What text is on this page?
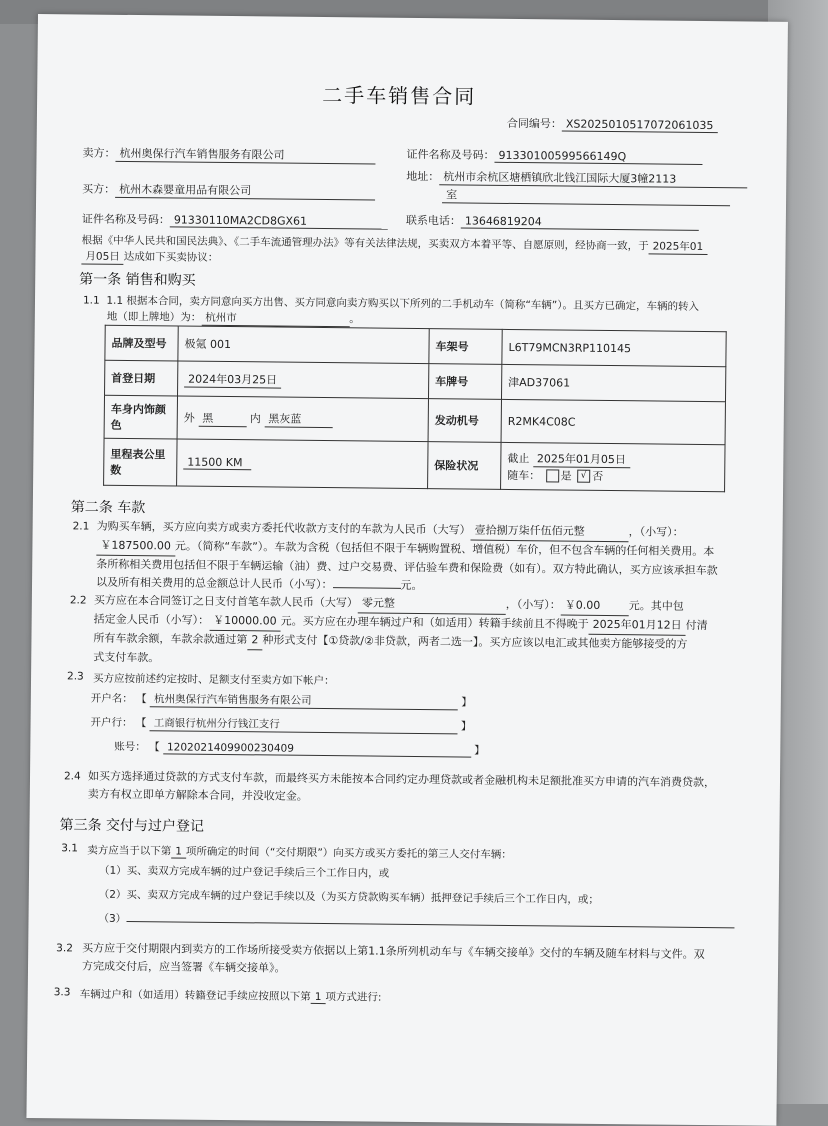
二手车销售合同
合同编号： XS2025010517072061035
卖方： 杭州奥保行汽车销售服务有限公司	证件名称及号码： 91330100599566149Q
买方： 杭州木森婴童用品有限公司
地址： 杭州市余杭区塘栖镇欣北钱江国际大厦3幢2113
室
证件名称及号码： 91330110MA2CD8GX61	联系电话： 13646819204
根据《中华人民共和国民法典》、《二手车流通管理办法》等有关法律法规，买卖双方本着平等、自愿原则，经协商一致，于 2025年01
月05日 达成如下买卖协议：
第一条 销售和购买
1.1 1.1 根据本合同，卖方同意向买方出售、买方同意向卖方购买以下所列的二手机动车（简称“车辆”）。且买方已确定，车辆的转入
地（即上牌地）为： 杭州市	。
品牌及型号	极氪 001	车架号	L6T79MCN3RP110145
首登日期	2024年03月25日	车牌号	津AD37061
车身内饰颜色	外 黑 内 黑灰蓝	发动机号	R2MK4C08C
里程表公里数	11500 KM	保险状况	截止 2025年01月05日
随车： 是 √ 否
第二条 车款
2.1 为购买车辆，买方应向卖方或卖方委托代收款方支付的车款为人民币（大写） 壹拾捌万柒仟伍佰元整	，（小写）：
￥187500.00 元。（简称“车款”）。车款为含税（包括但不限于车辆购置税、增值税）车价，但不包含车辆的任何相关费用。本
条所称相关费用包括但不限于车辆运输（油）费、过户交易费、评估验车费和保险费（如有）。双方特此确认，买方应该承担车款
以及所有相关费用的总金额总计人民币（小写）：	元。
2.2 买方应在本合同签订之日支付首笔车款人民币（大写） 零元整	，（小写）： ￥0.00	元。其中包
括定金人民币（小写）： ￥10000.00 元。买方应在办理车辆过户和（如适用）转籍手续前且不得晚于 2025年01月12日 付清
所有车款余额，车款余款通过第 2 种形式支付【①贷款/②非贷款，两者二选一】。买方应该以电汇或其他卖方能够接受的方
式支付车款。
2.3 买方应按前述约定按时、足额支付至卖方如下帐户：
开户名： 【 杭州奥保行汽车销售服务有限公司	】
开户行： 【 工商银行杭州分行钱江支行	】
账号： 【 1202021409900230409	】
2.4 如买方选择通过贷款的方式支付车款，而最终买方未能按本合同约定办理贷款或者金融机构未足额批准买方申请的汽车消费贷款，
卖方有权立即单方解除本合同，并没收定金。
第三条 交付与过户登记
3.1 卖方应当于以下第 1 项所确定的时间（“交付期限”）向买方或买方委托的第三人交付车辆：
（1）买、卖双方完成车辆的过户登记手续后三个工作日内，或
（2）买、卖双方完成车辆的过户登记手续以及（为买方贷款购买车辆）抵押登记手续后三个工作日内，或；
（3）
3.2 买方应于交付期限内到卖方的工作场所接受卖方依据以上第1.1条所列机动车与《车辆交接单》交付的车辆及随车材料与文件。双
方完成交付后，应当签署《车辆交接单》。
3.3 车辆过户和（如适用）转籍登记手续应按照以下第 1 项方式进行:
